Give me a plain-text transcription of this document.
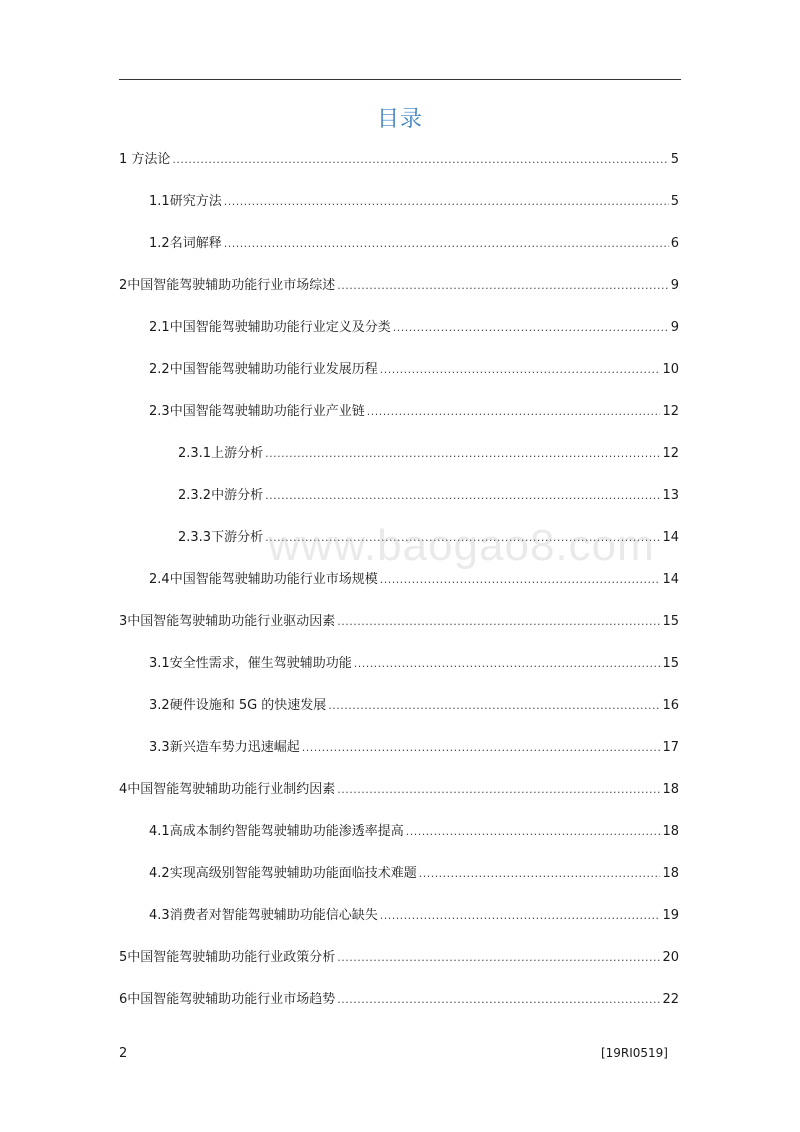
目录
1 方法论 .....	5
1.1 研究方法 .....	5
1.2 名词解释 .....	6
2 中国智能驾驶辅助功能行业市场综述 .....	9
2.1 中国智能驾驶辅助功能行业定义及分类 .....	9
2.2 中国智能驾驶辅助功能行业发展历程 .....	10
2.3 中国智能驾驶辅助功能行业产业链 .....	12
2.3.1 上游分析 .....	12
2.3.2 中游分析 .....	13
2.3.3 下游分析 .....	14
2.4 中国智能驾驶辅助功能行业市场规模 .....	14
3 中国智能驾驶辅助功能行业驱动因素 .....	15
3.1 安全性需求，催生驾驶辅助功能 .....	15
3.2 硬件设施和 5G 的快速发展 .....	16
3.3 新兴造车势力迅速崛起 .....	17
4 中国智能驾驶辅助功能行业制约因素 .....	18
4.1 高成本制约智能驾驶辅助功能渗透率提高 .....	18
4.2 实现高级别智能驾驶辅助功能面临技术难题 .....	18
4.3 消费者对智能驾驶辅助功能信心缺失 .....	19
5 中国智能驾驶辅助功能行业政策分析 .....	20
6 中国智能驾驶辅助功能行业市场趋势 .....	22
www.baogao8.com
2	[19RI0519]
